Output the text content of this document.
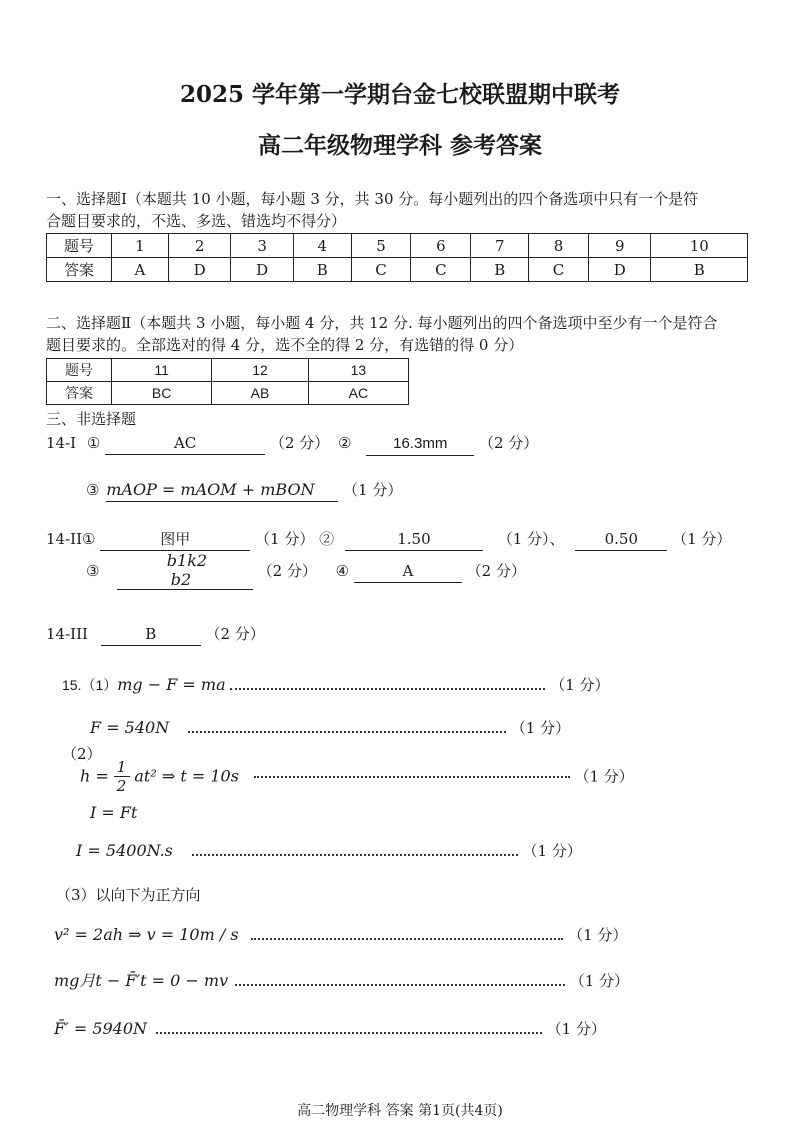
2025 学年第一学期台金七校联盟期中联考
高二年级物理学科 参考答案
一、选择题Ⅰ（本题共 10 小题，每小题 3 分，共 30 分。每小题列出的四个备选项中只有一个是符
合题目要求的，不选、多选、错选均不得分）
题号	1	2	3	4	5	6	7	8	9	10
答案	A	D	D	B	C	C	B	C	D	B
二、选择题Ⅱ（本题共 3 小题，每小题 4 分，共 12 分. 每小题列出的四个备选项中至少有一个是符合
题目要求的。全部选对的得 4 分，选不全的得 2 分，有选错的得 0 分）
题号	11	12	13
答案	BC	AB	AC
三、非选择题
14-I ①	AC	（2 分） ②	16.3mm （2 分）
③ mAOP = mAOM + mBON （1 分）
14-II①	图甲	（1 分） ②	1.50	（1 分）、	0.50 （1 分）
③ $\frac{b1k2}{b2} (2$ 分） ④	A	（2 分）
14-III	B	（2 分）
15.（1）mg − F = ma	（1 分）
F = 540N	（1 分）
（2）
$h = \frac{1}{2} at^2$ ⇒ t = 10s	（1 分）
I = Ft
I = 5400N.s	（1 分）
（3）以向下为正方向
v² = 2ah ⇒ v = 10m / s	（1 分）
mg月t − F̄′t = 0 − mv	（1 分）
F̄′ = 5940N	（1 分）
高二物理学科 答案 第1页(共4页)
